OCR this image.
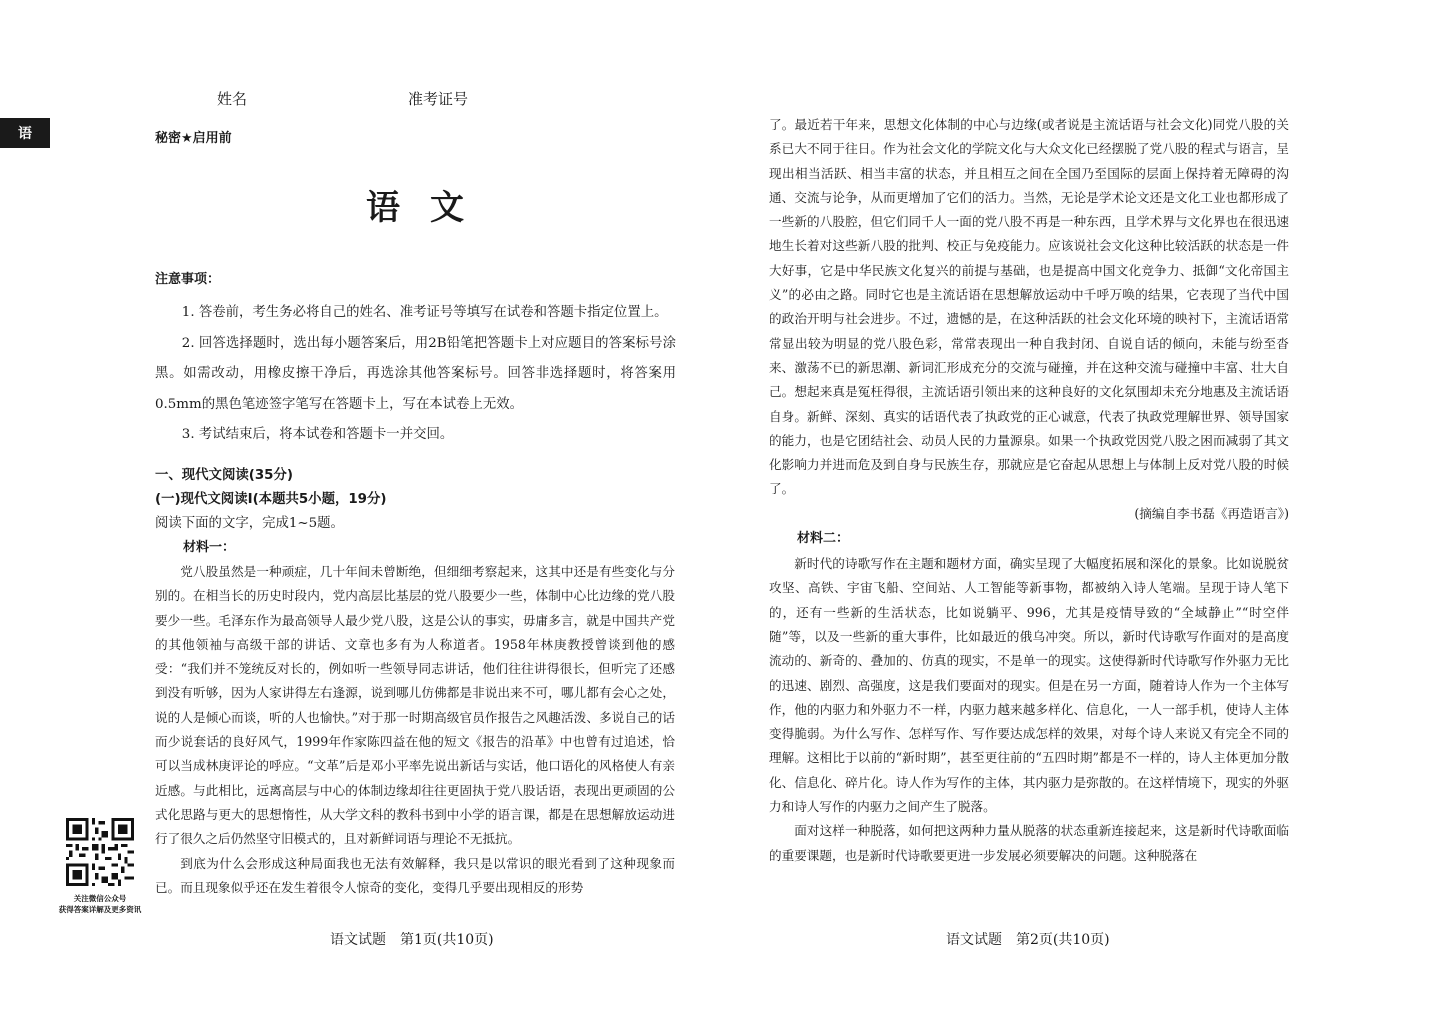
语
姓名	准考证号
秘密★启用前
语文
注意事项：

1. 答卷前，考生务必将自己的姓名、准考证号等填写在试卷和答题卡指定位置上。

2. 回答选择题时，选出每小题答案后，用2B铅笔把答题卡上对应题目的答案标号涂黑。如需改动，用橡皮擦干净后，再选涂其他答案标号。回答非选择题时，将答案用0.5mm的黑色笔迹签字笔写在答题卡上，写在本试卷上无效。

3. 考试结束后，将本试卷和答题卡一并交回。

一、现代文阅读(35分)
(一)现代文阅读Ⅰ(本题共5小题，19分)
阅读下面的文字，完成1~5题。
材料一：

党八股虽然是一种顽症，几十年间未曾断绝，但细细考察起来，这其中还是有些变化与分别的。在相当长的历史时段内，党内高层比基层的党八股要少一些，体制中心比边缘的党八股要少一些。毛泽东作为最高领导人最少党八股，这是公认的事实，毋庸多言，就是中国共产党的其他领袖与高级干部的讲话、文章也多有为人称道者。1958年林庚教授曾谈到他的感受：“我们并不笼统反对长的，例如听一些领导同志讲话，他们往往讲得很长，但听完了还感到没有听够，因为人家讲得左右逢源，说到哪儿仿佛都是非说出来不可，哪儿都有会心之处，说的人是倾心而谈，听的人也愉快。”对于那一时期高级官员作报告之风趣活泼、多说自己的话而少说套话的良好风气，1999年作家陈四益在他的短文《报告的沿革》中也曾有过追述，恰可以当成林庚评论的呼应。“文革”后是邓小平率先说出新话与实话，他口语化的风格使人有亲近感。与此相比，远离高层与中心的体制边缘却往往更固执于党八股话语，表现出更顽固的公式化思路与更大的思想惰性，从大学文科的教科书到中小学的语言课，都是在思想解放运动进行了很久之后仍然坚守旧模式的，且对新鲜词语与理论不无抵抗。

到底为什么会形成这种局面我也无法有效解释，我只是以常识的眼光看到了这种现象而已。而且现象似乎还在发生着很令人惊奇的变化，变得几乎要出现相反的形势

了。最近若干年来，思想文化体制的中心与边缘(或者说是主流话语与社会文化)同党八股的关系已大不同于往日。作为社会文化的学院文化与大众文化已经摆脱了党八股的程式与语言，呈现出相当活跃、相当丰富的状态，并且相互之间在全国乃至国际的层面上保持着无障碍的沟通、交流与论争，从而更增加了它们的活力。当然，无论是学术论文还是文化工业也都形成了一些新的八股腔，但它们同千人一面的党八股不再是一种东西，且学术界与文化界也在很迅速地生长着对这些新八股的批判、校正与免疫能力。应该说社会文化这种比较活跃的状态是一件大好事，它是中华民族文化复兴的前提与基础，也是提高中国文化竞争力、抵御“文化帝国主义”的必由之路。同时它也是主流话语在思想解放运动中千呼万唤的结果，它表现了当代中国的政治开明与社会进步。不过，遗憾的是，在这种活跃的社会文化环境的映衬下，主流话语常常显出较为明显的党八股色彩，常常表现出一种自我封闭、自说自话的倾向，未能与纷至沓来、激荡不已的新思潮、新词汇形成充分的交流与碰撞，并在这种交流与碰撞中丰富、壮大自己。想起来真是冤枉得很，主流话语引领出来的这种良好的文化氛围却未充分地惠及主流话语自身。新鲜、深刻、真实的话语代表了执政党的正心诚意，代表了执政党理解世界、领导国家的能力，也是它团结社会、动员人民的力量源泉。如果一个执政党因党八股之困而减弱了其文化影响力并进而危及到自身与民族生存，那就应是它奋起从思想上与体制上反对党八股的时候了。

(摘编自李书磊《再造语言》)

材料二：

新时代的诗歌写作在主题和题材方面，确实呈现了大幅度拓展和深化的景象。比如说脱贫攻坚、高铁、宇宙飞船、空间站、人工智能等新事物，都被纳入诗人笔端。呈现于诗人笔下的，还有一些新的生活状态，比如说躺平、996，尤其是疫情导致的“全域静止”“时空伴随”等，以及一些新的重大事件，比如最近的俄乌冲突。所以，新时代诗歌写作面对的是高度流动的、新奇的、叠加的、仿真的现实，不是单一的现实。这使得新时代诗歌写作外驱力无比的迅速、剧烈、高强度，这是我们要面对的现实。但是在另一方面，随着诗人作为一个主体写作，他的内驱力和外驱力不一样，内驱力越来越多样化、信息化，一人一部手机，使诗人主体变得脆弱。为什么写作、怎样写作、写作要达成怎样的效果，对每个诗人来说又有完全不同的理解。这相比于以前的“新时期”，甚至更往前的“五四时期”都是不一样的，诗人主体更加分散化、信息化、碎片化。诗人作为写作的主体，其内驱力是弥散的。在这样情境下，现实的外驱力和诗人写作的内驱力之间产生了脱落。

面对这样一种脱落，如何把这两种力量从脱落的状态重新连接起来，这是新时代诗歌面临的重要课题，也是新时代诗歌要更进一步发展必须要解决的问题。这种脱落在

语文试题　第1页(共10页)	语文试题　第2页(共10页)
关注微信公众号
获得答案详解及更多资讯
